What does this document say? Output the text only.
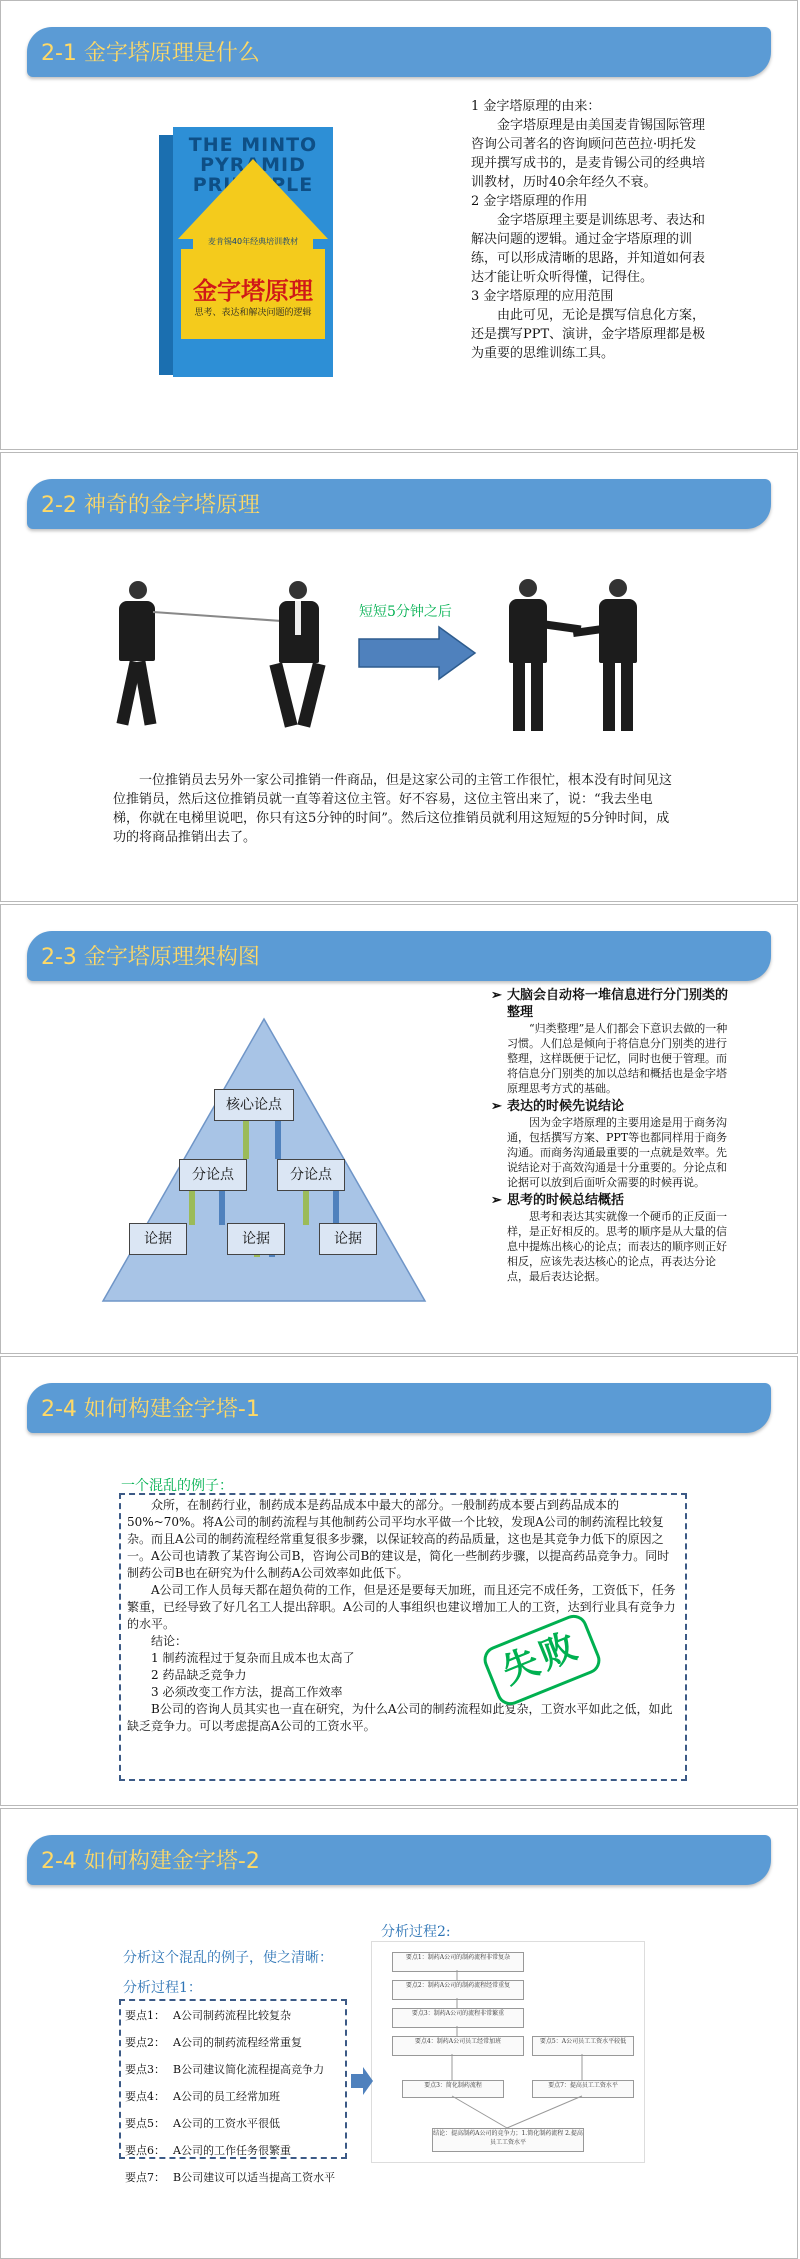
2-1 金字塔原理是什么
THE MINTO PYRAMID PRINCIPLE
麦肯锡40年经典培训教材
金字塔原理
思考、表达和解决问题的逻辑
1 金字塔原理的由来：
金字塔原理是由美国麦肯锡国际管理咨询公司著名的咨询顾问芭芭拉·明托发现并撰写成书的，是麦肯锡公司的经典培训教材，历时40余年经久不衰。
2 金字塔原理的作用
金字塔原理主要是训练思考、表达和解决问题的逻辑。通过金字塔原理的训练，可以形成清晰的思路，并知道如何表达才能让听众听得懂，记得住。
3 金字塔原理的应用范围
由此可见，无论是撰写信息化方案，还是撰写PPT、演讲，金字塔原理都是极为重要的思维训练工具。
2-2 神奇的金字塔原理
短短5分钟之后
一位推销员去另外一家公司推销一件商品，但是这家公司的主管工作很忙，根本没有时间见这位推销员，然后这位推销员就一直等着这位主管。好不容易，这位主管出来了，说：“我去坐电梯，你就在电梯里说吧，你只有这5分钟的时间”。然后这位推销员就利用这短短的5分钟时间，成功的将商品推销出去了。
2-3 金字塔原理架构图
核心论点
分论点	分论点
论据	论据	论据
➢ 大脑会自动将一堆信息进行分门别类的整理
“归类整理”是人们都会下意识去做的一种习惯。人们总是倾向于将信息分门别类的进行整理，这样既便于记忆，同时也便于管理。而将信息分门别类的加以总结和概括也是金字塔原理思考方式的基础。
➢ 表达的时候先说结论
因为金字塔原理的主要用途是用于商务沟通，包括撰写方案、PPT等也都同样用于商务沟通。而商务沟通最重要的一点就是效率。先说结论对于高效沟通是十分重要的。分论点和论据可以放到后面听众需要的时候再说。
➢ 思考的时候总结概括
思考和表达其实就像一个硬币的正反面一样，是正好相反的。思考的顺序是从大量的信息中提炼出核心的论点；而表达的顺序则正好相反，应该先表达核心的论点，再表达分论点，最后表达论据。
2-4 如何构建金字塔-1
一个混乱的例子：
众所，在制药行业，制药成本是药品成本中最大的部分。一般制药成本要占到药品成本的50%~70%。将A公司的制药流程与其他制药公司平均水平做一个比较，发现A公司的制药流程比较复杂。而且A公司的制药流程经常重复很多步骤，以保证较高的药品质量，这也是其竞争力低下的原因之一。A公司也请教了某咨询公司B，咨询公司B的建议是，简化一些制药步骤，以提高药品竞争力。同时制药公司B也在研究为什么制药A公司效率如此低下。
A公司工作人员每天都在超负荷的工作，但是还是要每天加班，而且还完不成任务，工资低下，任务繁重，已经导致了好几名工人提出辞职。A公司的人事组织也建议增加工人的工资，达到行业具有竞争力的水平。
结论：
1 制药流程过于复杂而且成本也太高了
2 药品缺乏竞争力
3 必须改变工作方法，提高工作效率
B公司的咨询人员其实也一直在研究，为什么A公司的制药流程如此复杂，工资水平如此之低，如此缺乏竞争力。可以考虑提高A公司的工资水平。
失败
2-4 如何构建金字塔-2
分析这个混乱的例子，使之清晰：
分析过程1：
要点1： A公司制药流程比较复杂
要点2： A公司的制药流程经常重复
要点3： B公司建议简化流程提高竞争力
要点4： A公司的员工经常加班
要点5： A公司的工资水平很低
要点6： A公司的工作任务很繁重
要点7： B公司建议可以适当提高工资水平
分析过程2:
要点1：制药A公司的制药流程非常复杂
要点2：制药A公司的制药流程经常重复
要点3：制药A公司的流程非常繁重
要点4：制药A公司员工经常加班	要点5：A公司员工工资水平较低
要点3：简化制药流程	要点7：提高员工工资水平
结论：提高制药A公司的竞争力；1.简化制药流程 2.提高员工工资水平
